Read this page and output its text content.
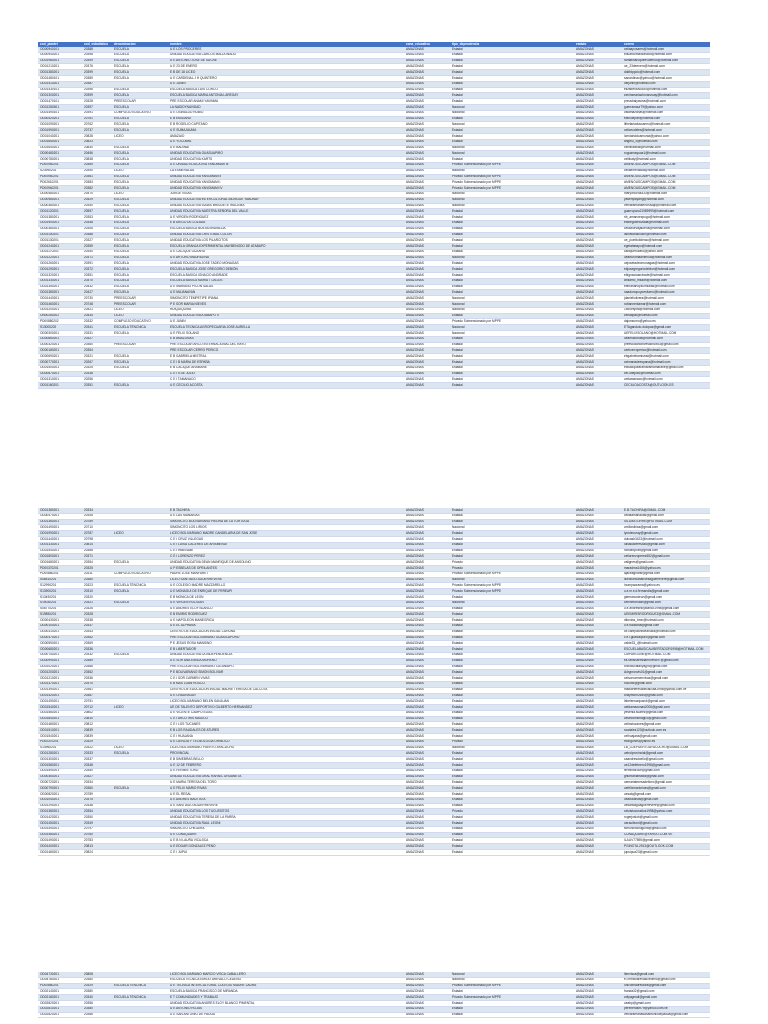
cod_plantel	cod_estadistico	denominacion	nombre	zona_educativa	tipo_dependencia	estado	correo
OD00940101	20388	ESCUELA	U E LOS PROCERES	AMAZONAS	Estadal	AMAZONAS	celiaaposares@hotmail.com
OD00940201	20398	ESCUELA	UNIDAD EDUCATIVA CARLOS MALDONADO	AMAZONAS	Estadal	AMAZONAS	eduardomaldonado@hotmail.com
OD01980201	20399	ESCUELA	U E ANTONIO JOSE DE SUCRE	AMAZONAS	Estadal	AMAZONAS	ramatinaroqueevdemuo@hotmail.com
OD01210201	20376	ESCUELA	U E 23 DE ENERO	AMAZONAS	Estadal	AMAZONAS	ue_23deenero@hotmail.com
OD01380201	20399	ESCUELA	E B DE 18 LICEO	AMAZONAS	Estadal	AMAZONAS	dddfdppolo@hotmail.com
OD01480101	20389	ESCUELA	U E CARDENAL J H QUINTERO	AMAZONAS	Estadal	AMAZONAS	sanardinac@yahoo@hotmail.com
OD01410201	20387		U E JUNIN	AMAZONAS	Estadal	AMAZONAS	ueljunin@hotmail.com
OD01430101	20396	ESCUELA	ESCUELA BASICA LUIS CORCO	AMAZONAS	Estadal	AMAZONAS	elizadehlusocoo@hotmail.com
OD01300201	20399	ESCUELA	ESCUELA BASICA MARIA ANTONIA LAREGAY	AMAZONAS	Estadal	AMAZONAS	zeniramariachoranzuay@hotmail.com
OD01470101	20328	PREESCOLAR	PRE ESCOLAR ANAMI YAVINMA	AMAZONAS	Estadal	AMAZONAS	preusbalyavina@hotmail.com
OD01280301	20397	ESCUELA	LA NADIDYNAVIDAD	AMAZONAS	Nacional	AMAZONAS	guerramaur79@yahoo.com
OD01490101	20391	COMPLEJO EDUCATIVO	U E OSWALDO RUBIO	AMAZONAS	Nacional	AMAZONAS	valamazonas@hotmail.com
OD00420201	20761	ESCUELA	E B EMILIANO	AMAZONAS	Estadal	AMAZONAS	ebbcuepari@hotmail.com
OD01090201	20762	ESCUELA	E B ROGELIO CAPITANO	AMAZONAS	Nacional	AMAZONAS	lithelariaduscarmo@hotmail.com
OD01990201	20737	ESCUELA	U E SUMAJAUMA	AMAZONAS	Estadal	AMAZONAS	celiceudeles@hotmail.com
OD01040201	20828	LICEO	AMAZAIO	AMAZONAS	Estadal	AMAZONAS	Icmdahddcamonia@yahoo.com
OD01650201	20823		U E YOCOIMA	AMAZONAS	Estadal	AMAZONAS	angelu_x@hotmail.com
OD01640201	20830	ESCUELA	U E BALIWAI	AMAZONAS	Nacional	AMAZONAS	celinbaliwai@hotmail.com
OD00480201	20456	ESCUELA	UNIDAD EDUCATIVA GUASUAPIRO	AMAZONAS	Nacional	AMAZONAS	ruguamayuas1@hotmail.com
OD00780201	20838	ESCUELA	UNIDAD EDUCATIVA KARTS	AMAZONAS	Estadal	AMAZONAS	celiikaty@hotmail.com
PD00940201	20369	ESCUELA	U E UNIDAD EDUCATIVA YANOMAMI III	AMAZONAS	Privado Subvencionado por MPPE	AMAZONAS	AMENOUSCAMPOS@GMAIL.COM
S23990201	20390	LICEO	LA ESMERALDA	AMAZONAS	Nacional	AMAZONAS	celiaemeraldal@hotmail.com
PD00940201	20361	ESCUELA	UNIDAD EDUCATIVA YANOMAMI II	AMAZONAS	Privado Subvencionado por MPPE	AMAZONAS	AMENOUSCAMPOS@GMAIL.COM
PD02610201	20383	ESCUELA	UNIDAD EDUCATIVA YANOMAMI I	AMAZONAS	Privado Subvencionado por MPPE	AMAZONAS	AMENOUSCAMPOS@GMAIL.COM
PD00940201	20382	ESCUELA	UNIDAD EDUCATIVA YANOMAMI IV	AMAZONAS	Privado Subvencionado por MPPE	AMAZONAS	AMENOUSCAMPOS@GMAIL.COM
OD00480201	20470	LICEO	JORGE VIGAS	AMAZONAS	Nacional	AMAZONAS	maryvhocna333@hotmail.com
OD00980201	20429	ESCUELA	UNIDAD EDUCATIVA INTERCULTURAL BILINGÜE YABUNAY	AMAZONAS	Nacional	AMAZONAS	yasenylayang@hotmail.com
OD00380201	20340	ESCUELA	UNIDAD EDUCATIVA ISAIAS BRIGUETE IRACEMA	AMAZONAS	Nacional	AMAZONAS	veniaramariaencrusajil@hotmail.com
OD01120201	20597	ESCUELA	UNIDAD EDUCATIVA NUESTRA SEÑORA DEL VALLE	AMAZONAS	Estadal	AMAZONAS	guarroparo21989999@hotmail.com
OD01380201	20353	ESCUELA	U E VIRGEN RODRIGUEZ	AMAZONAS	Estadal	AMAZONAS	rib_amanoezpugo@hotmail.com
OD01900201	20348	ESCUELA	E B DIEGO DE LOZADA	AMAZONAS	Estadal	AMAZONAS	ebdiegodelozada@hotmail.com
OD00380201	20306	ESCUELA	ESCUELA BASICA NUEVA BRUNILDA	AMAZONAS	Estadal	AMAZONAS	celiazuevajaluena@hotmail.com
OD01100201	20388	ESCUELA	UNIDAD EDUCATIVA CRISTOBAL COLON	AMAZONAS	Estadal	AMAZONAS	lacristobalcolon@hotmail.com
OD01130201	20327	ESCUELA	UNIDAD EDUCATIVA LOS PILARCITOS	AMAZONAS	Estadal	AMAZONAS	ue_puebloliderao@hotmail.com
OD01240201	20359	ESCUELA	ESCUELA GRANJA EXPERIMENTAL MAYBENGDO DE ATABAPO	AMAZONAS	Estadal	AMAZONAS	egetatabapo@hotmail.com
OD01170201	20340	ESCUELA	U E CACIQUE GUZARU	AMAZONAS	Estadal	AMAZONAS	caciqueruzaru@yahoo.com
OD01220201	20371	ESCUELA	U E ARTURO MADRILENA	AMAZONAS	Nacional	AMAZONAS	uearturomadrilenua@hotmail.com
OD01260201	20391	ESCUELA	UNIDAD EDUCATIVA JOSE TADEO MONAGAS	AMAZONAS	Estadal	AMAZONAS	uejosetadeomonagas@hotmail.com
OD01290201	20372	ESCUELA	ESCUELA BASICA JOSE GREGORIO DEBIÖN	AMAZONAS	Estadal	AMAZONAS	ebjosegregoriodebion@hotmail.com
OD01320201	20351	ESCUELA	ESCUELA BASICA IGNACIO ANDRADE	AMAZONAS	Estadal	AMAZONAS	ebignacioandrade@hotmail.com
OD01330201	20370	ESCUELA	ESCUELA BASICA MARIA T LAGOS	AMAZONAS	Estadal	AMAZONAS	williamo_msadri@hotmail.com
OD01350201	20432	ESCUELA	U E MARIANO PICON SALAS	AMAZONAS	Estadal	AMAZONAS	ebmarianopiconsalas@hotmail.com
OD01380201	20427	ESCUELA	U E MAJANAYAN	AMAZONAS	Estadal	AMAZONAS	naadonopuyoesfuero@hotmail.com
OD01440201	20730	PREESCOLAR	SIMONCITO TEMPETIPE IPIANA	AMAZONAS	Nacional	AMAZONAS	jdanieliolivera@hotmail.com
OD01460201	20748	PREESCOLAR	P E SOR MARIA NIEVES	AMAZONAS	Nacional	AMAZONAS	xctiannenlamar@hotmail.com
OD01200201	20421	LICEO	HUIQUIQUIRA	AMAZONAS	Nacional	AMAZONAS	1850espita@hotmail.com
ON00260202	20434	LICEO	UNIDAD EDUCATIVA ATABAPO II	AMAZONAS	Estadal	AMAZONAS	cenaapal@hotmail.com
PD00880202	20332	COMPLEJO EDUCATIVO	U E JUNIN	AMAZONAS	Privado Subvencionado por MPPE	AMAZONAS	dajonsumo@yahoo.es
S13000202	20341	ESCUELA TÉNCNICA	ESCUELA TECNICA AGROPECUARIA JOSE AURELLA	AMAZONAS	Nacional	AMAZONAS	ETAgandulo.dolopaz@gmail.com
OD00300201	20331	ESCUELA	U E FELIX SOLANO	AMAZONAS	Nacional	AMAZONAS	UEFELIXSOLANO@HOTMAIL.COM
OD00860201	20327		E B AMAZONAS	AMAZONAS	Estadal	AMAZONAS	uearnazonas@hotmail.com
OD00320201	20360	PREESCOLAR	PRE ESCOLAR ARCO INTERNACIONAL DEL RAYO	AMAZONAS	Estadal	AMAZONAS	preescolarloinvestionzzd3@gmail.com
OD00180201	20354		PRE ESCOLAR CERRO PERICO	AMAZONAS	Estadal	AMAZONAS	cerbcerroperico@hotmail.com
OD00690201	20321	ESCUELA	E B GABRIELA MISTRAL	AMAZONAS	Estadal	AMAZONAS	ebgabrielamistral@hotmail.com
OD00770201	20267	ESCUELA	C E I B MARIA DE ESPAÑA	AMAZONAS	Estadal	AMAZONAS	ceimariadeespana@hotmail.com
OD01500201	20325	ESCUELA	E B CACIQUE ARAMARE	AMAZONAS	Estadal	AMAZONAS	ebcaciquearamaramamarane@gmail.com
OD00870201	20338		C E I 5 DE JULIO	AMAZONAS	Estadal	AMAZONAS	cei-5dejulio@hotmail.com
OD01310201	20256		C E I TAMANACO	AMAZONAS	Estadal	AMAZONAS	ceitamanaco@hotmail.com
OD01160201	20351	ESCUELA	U E CECILIO ACOSTA	AMAZONAS	Estadal	AMAZONAS	CECILIOACOSTA@OUTLOOK.ES
OD01380201	20334		E B TACHIRA	AMAZONAS	Estadal	AMAZONAS	E.B.TACHIRA@GMAIL.COM
OD00470201	20345		U E LAS MANAKIAS	AMAZONAS	Estadal	AMAZONAS	celilaamanaoas@gmail.com
OD01360201	20789		SIMONCITO BOLIVARIANO PIEDRA DE LA TORTUGA	AMAZONAS	Estadal	AMAZONAS	SILLMATORRE@HOTMAIL.COM
OD01490201	20710		SIMONCITO LOS LIRIOS	AMAZONAS	Nacional	AMAZONAS	cmilloslirias@gmail.com
OD01990201	20787	LICEO	LICEO BOLIVARIANO MADRE CANDELARIA DE SAN JOSE	AMAZONAS	Estadal	AMAZONAS	lyordecuray@gmail.com
OD01440201	20798		C E I CRUZ VILLEGAS	AMAZONAS	Estadal	AMAZONAS	dulcasb3423@hotmail.com
OD01330201	20814		C E I LUISA CACERES DE ARISMENDI	AMAZONAS	Estadal	AMAZONAS	luisacaceres486@gmail.com
OD01540201	20368		C E I HIBENABI	AMAZONAS	Estadal	AMAZONAS	hcnaecpoel@gmail.com
OD01800201	20371		C E I LORENZO PEREZ	AMAZONAS	Estadal	AMAZONAS	cellorenzoperez652@gmail.com
OD01680201	20354	ESCUELA	UNIDAD EDUCATIVA DEAN MANRIQUE DE ANSOLINO	AMAZONAS	Privado	AMAZONAS	valignes@gmail.com
PD00370201	20325		U P ESBELAS DE OPEILANTES	AMAZONAS	Privado	AMAZONAS	maradma1454@yahoo.es
PD00860201	20311	COMPLEJO EDUCATIVO	PADRE JOSE MANFARET	AMAZONAS	Privado Subvencionado por MPPE	AMAZONAS	ajaceagnarst@gmail.com
S08510201	20380		LICEO SANTIAGO AGUERREVERE	AMAZONAS	Nacional	AMAZONAS	liceobolivarianoesaguerrevere@gmail.com
S12990201	20323	ESCUELA TÉNCNICA	U E COLEGIO MADRE MAZZARELLO	AMAZONAS	Privado Subvencionado por MPPE	AMAZONAS	Inumpaorama@yahoo.es
S13900201	20310	ESCUELA	U E MONAGUI DE ENRIQUE DE PEREAPI	AMAZONAS	Privado Subvencionado por MPPE	AMAZONAS	u.e.m.e.d.fernandis@gmail.com
S13490201	20320		E B MONICA DE LEON	AMAZONAS	Estadal	AMAZONAS	gtemarcodeon@gmail.com
S19030201	20321	ESCUELA	U E VIRGEN ROLIGAN	AMAZONAS	Nacional	AMAZONAS	cenlnmoroliar@gmail.com
S08770201	20326		U E ANDRES ELOY BLANCO	AMAZONAS	Estadal	AMAZONAS	u.e.andreseloyblanco1998@gmail.com
S19850201	20328		E B EMIRIS RODRIGUEZ	AMAZONAS	Estadal	AMAZONAS	UEEMIRISRODRIGUEZ@GMAIL.COM
OD00430201	20338		U E NAPOLEON MANEGRICA	AMAZONAS	Estadal	AMAZONAS	dikeuba_bmn@hotmail.com
OD00100201	20337		U E EL ALPHANA	AMAZONAS	Estadal	AMAZONAS	u.e.bauliana@gmail.com
OD00310201	20343		CENTRO DE EDUCACION INICIAL CURUNA	AMAZONAS	Estadal	AMAZONAS	ce.carirpacnticeanuka@hotmail.com
OD00370201	20352		PRE ESCOLAR BOLIVARIANO GUASICAPURO	AMAZONAS	Estadal	AMAZONAS	c.e.i.guaicaipuro@gmail.com
OD00590201	20369		P E JESUS ROSA MANSINO	AMAZONAS	Estadal	AMAZONAS	valde33_@hotmail.com
OD00680201	20336		E B LIBERTADOR	AMAZONAS	Estadal	AMAZONAS	ESCUELABASICALIBERTADOR1998@HOTMAIL.COM
OD00740201	20332	ESCUELA	UNIDAD EDUCATIVA LA INDEPENDENCIA	AMAZONAS	Estadal	AMAZONAS	CMPARGONE@HOTMAIL.COM
OD00990201	20389		U E SOR ANA EMILIA MORENO	AMAZONAS	Estadal	AMAZONAS	ek.seranaemiliamoreno97@gmail.com
OD01020201	20366		PRE ESCOLAR BOLIVARIANO CATANIAPO	AMAZONAS	Estadal	AMAZONAS	cnlbolucatanyajpo@gmail.com
OD01200201	20362		P E BOLIVARIANO SIMON BOLIVAR	AMAZONAS	Estadal	AMAZONAS	Adrypronvis01@gmail.com
OD01210201	20336		C E I SOR CARMEN VIVAS	AMAZONAS	Estadal	AMAZONAS	ceisorcarmenvivas@gmail.com
OD01370201	20370		E B MAS LUAN ROSCO	AMAZONAS	Estadal	AMAZONAS	noozoil@gmail.com
OD01390201	20361		CENTRO DE EDUCACION INICIAL MADRE TERESA DE CALCUTA	AMAZONAS	Estadal	AMAZONAS	maddeteresadecalcuta1998@yahoo.com.ve
OD01420201	20367		U E CHAURAGAY	AMAZONAS	Estadal	AMAZONAS	chaymom2655@gmail.com
OD01490201	20751		LICEO BOLIVARIANO BELEN SANJUAN	AMAZONAS	Estadal	AMAZONAS	lbbelensanjuan4@gmail.com
OD01540201	20712	LICEO	UE DE TALENTO DEPORTIVO GILBERTO HERNANDEZ	AMAZONAS	Estadal	AMAZONAS	uetdamazonas2006@gmail.com
OD01560201	20802		U E VICENTE CAMPO ELIAS	AMAZONAS	Estadal	AMAZONAS	yesenia.suarez@gmail.com
OD01840201	20810		C E I ARCO IRIS MAGICO	AMAZONAS	Estadal	AMAZONAS	ceiarcoirismagico@gmail.com
OD01480201	20812		C E I LOS TUCANES	AMAZONAS	Estadal	AMAZONAS	ceilostucanes@gmail.com
OD01510201	20839		E B LOS RAUDALES DE ATURES	AMAZONAS	Estadal	AMAZONAS	raudales123@outlook.com.es
OD01540201	20839		C E I HUAJANA	AMAZONAS	Estadal	AMAZONAS	ceihuajana@gmail.com
PD00370201	20329		U E CIENCIA Y TECNOLOGIA ORINOCO	AMAZONAS	Privado	AMAZONAS	thongorcni@yahoo.es
S14960201	20322	LICEO	LICEO BOLIVARIANO PUERTO AYACUCHO	AMAZONAS	Nacional	AMAZONAS	LB_LDEPUERTOAYACUCHO@GMAIL.COM
OD01280201	20333	ESCUELA	PROVINCIAL	AMAZONAS	Estadal	AMAZONAS	uebolprovincial@gmail.com
OD01300201	20337		E B SIMEBRAS BELLO	AMAZONAS	Estadal	AMAZONAS	caandresdoello@gmail.com
OD01580201	20348		U E 12 DE FEBRERO	AMAZONAS	Estadal	AMAZONAS	ue12defebrero1998@gmail.com
OD01590201	20350		U E FERMIN TORO	AMAZONAS	Estadal	AMAZONAS	fermintoroue@gmail.com
OD00360201	20327		UNIDAD EDUCATIVA GRAL RAFAEL URDANETA	AMAZONAS	Estadal	AMAZONAS	grlurbanlartawa@gmail.com
OD00720201	20334		U E MARIA TERESA DEL TORO	AMAZONAS	Estadal	AMAZONAS	uemariateresadeltoro@gmail.com
OD00790201	20360	ESCUELA	U E FELIX MARIO RIVAS	AMAZONAS	Estadal	AMAZONAS	uefelixmariorivas@gmail.com
OD00820201	20789		U E EL RESAL	AMAZONAS	Estadal	AMAZONAS	uesalq@gmail.com
OD01040201	20375		U E ANDRES BAUTISTA	AMAZONAS	Estadal	AMAZONAS	ueabautista@gmail.com
OD01290201	20338		U E SANTIAGO AGUERREVERE	AMAZONAS	Estadal	AMAZONAS	uesantiagoaguerrevere@gmail.com
OD01380201	20354		UNIDAD EDUCATIVA LOS TUCUSSITOS	AMAZONAS	Privado	AMAZONAS	celuistucussitos1998@yahoo.com
OD01420201	20350		UNIDAD EDUCATIVA TERESA DE LA PARRA	AMAZONAS	Estadal	AMAZONAS	rogerjoslob@gmail.com
OD01450201	20349		UNIDAD EDUCATIVA RAUL LEONI	AMAZONAS	Estadal	AMAZONAS	ueraulleoni@gmail.com
OD01490201	20797		SIMONCITO CHIGÜIRA	AMAZONAS	Estadal	AMAZONAS	simoncitochiguira@gmail.com
OD01480201	20760		U E CUNAQUARE	AMAZONAS	Estadal	AMAZONAS	CUNAQUARE@YAHOO.COM.VE
OD01490201	20783		U E B N LAURA VICUJICA	AMAZONAS	Estadal	AMAZONAS	ILAUV77895@gmail.com
OD01400201	20813		U E EDGAR GONZALEZ PENO	AMAZONAS	Estadal	AMAZONAS	PGINOTA.2913@OUTLOOK.COM
OD01480201	20824		C E I JUPUI	AMAZONAS	Estadal	AMAZONAS	jupuipua23@gmail.com
OD04730201	20808		LICEO BOLIVARIANO MARCIO VISCA CABALLERO	AMAZONAS	Nacional	AMAZONAS	lbmvisca@gmail.com
OD04780201	20380		ESCUELA TECNICA EMILIO ARÉVALO CEDEÑO	AMAZONAS	Nacional	AMAZONAS	e.t.emilioarevalocedeno@gmail.com
PD00860201	20329	ESCUELA TÉNCNICA	U E TECNICA INTERCULTURAL COLEGIO MADRE LAURA	AMAZONAS	Privado Subvencionado por MPPE	AMAZONAS	unicolmadrelaura@gmail.com
OD02140201	20380		ESCUELA BASICA FRANCISCO DE MIRANDA	AMAZONAS	Estadal	AMAZONAS	franda32@gmail.com
OD02180201	20340	ESCUELA TÉNCNICA	E T COMUNIDADES Y TRABAJO	AMAZONAS	Privado Subvencionado por MPPE	AMAZONAS	cdtyagmail@gmail.com
OD02820201	20356		UNIDAD EDUCATIVA ANDRÉS ELOY BLANCO PIMENTAL	AMAZONAS	Estadal	AMAZONAS	ueabp@gmail.com
OD02810201	20380		U E ANTONIO ROJAS	AMAZONAS	Estadal	AMAZONAS	pereirerasm79@yahoo.com.ve
OD02820201	20386		U E SAN ANTONIO DE PADUA	AMAZONAS	Estadal	AMAZONAS	veniaramariasanantoniodepadua@gmail.com
